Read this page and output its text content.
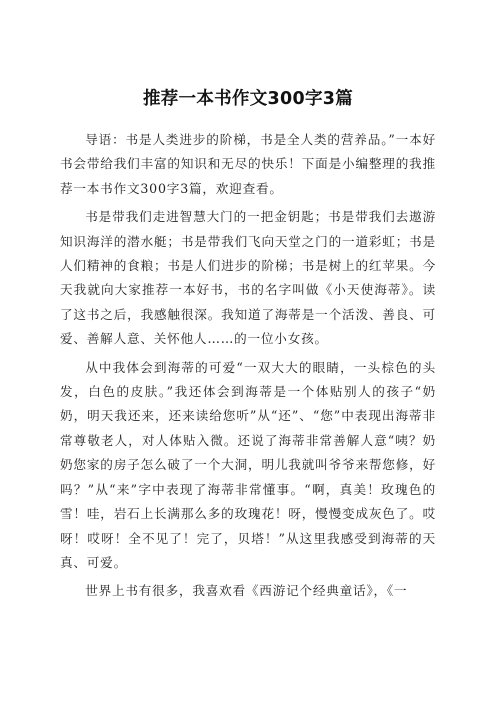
推荐一本书作文300字3篇

导语：书是人类进步的阶梯，书是全人类的营养品。”一本好书会带给我们丰富的知识和无尽的快乐！下面是小编整理的我推荐一本书作文300字3篇，欢迎查看。

书是带我们走进智慧大门的一把金钥匙；书是带我们去遨游知识海洋的潜水艇；书是带我们飞向天堂之门的一道彩虹；书是人们精神的食粮；书是人们进步的阶梯；书是树上的红苹果。今天我就向大家推荐一本好书，书的名字叫做《小天使海蒂》。读了这书之后，我感触很深。我知道了海蒂是一个活泼、善良、可爱、善解人意、关怀他人……的一位小女孩。

从中我体会到海蒂的可爱“一双大大的眼睛，一头棕色的头发，白色的皮肤。”我还体会到海蒂是一个体贴别人的孩子“奶奶，明天我还来，还来读给您听”从“还”、“您”中表现出海蒂非常尊敬老人，对人体贴入微。还说了海蒂非常善解人意“咦？奶奶您家的房子怎么破了一个大洞，明儿我就叫爷爷来帮您修，好吗？”从“来”字中表现了海蒂非常懂事。“啊，真美！玫瑰色的雪！哇，岩石上长满那么多的玫瑰花！呀，慢慢变成灰色了。哎呀！哎呀！全不见了！完了，贝塔！”从这里我感受到海蒂的天真、可爱。

世界上书有很多，我喜欢看《西游记个经典童话》，《一
